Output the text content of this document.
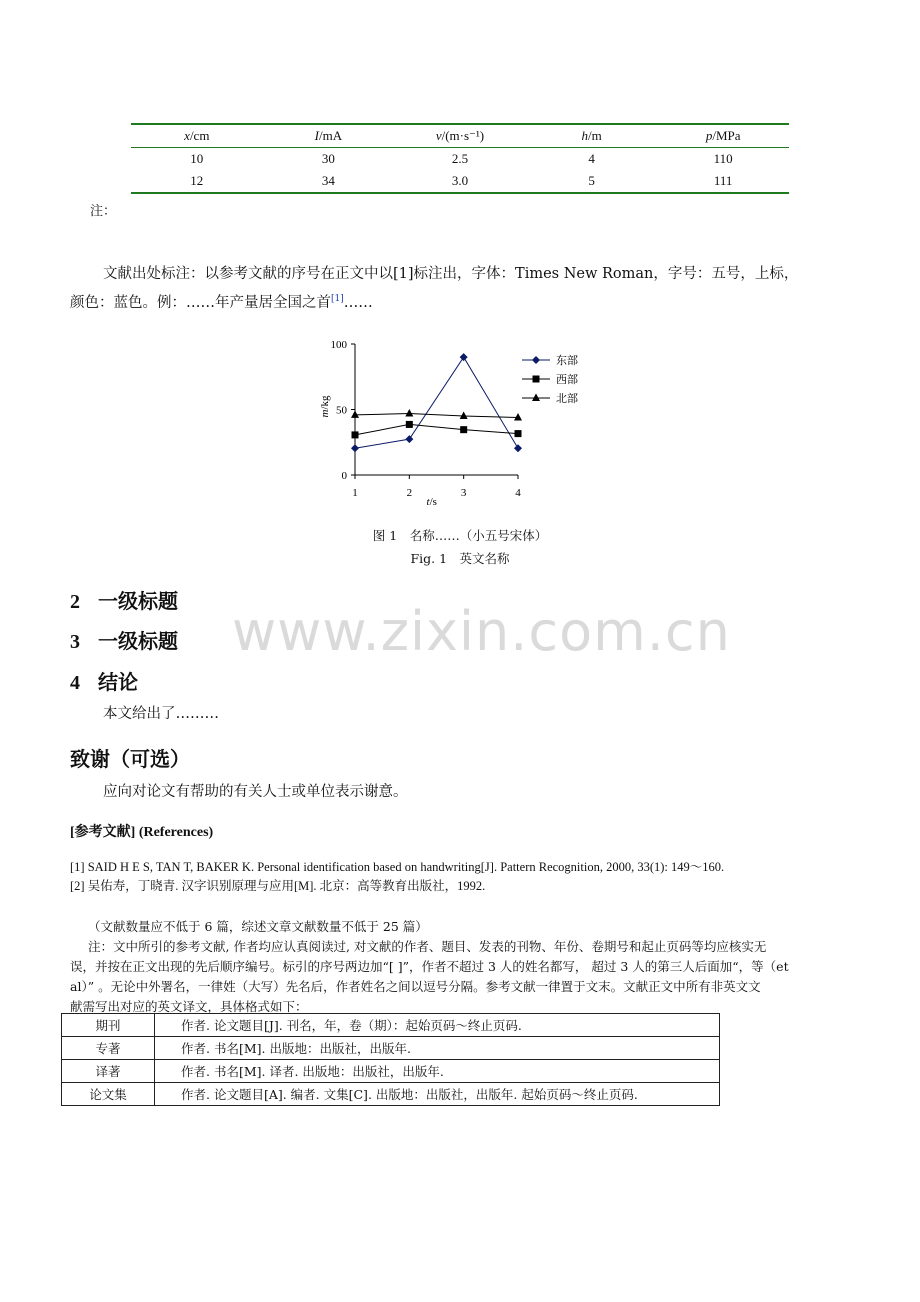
x/cm	I/mA	v/(m·s⁻¹)	h/m	p/MPa
10	30	2.5	4	110
12	34	3.0	5	111
注：
文献出处标注：以参考文献的序号在正文中以[1]标注出，字体：Times New Roman，字号：五号，上标，
颜色：蓝色。例：……年产量居全国之首[1]……
0
50
100
1	2	3	4
东部
西部
北部
m/kg
t/s
图 1　名称……（小五号宋体）
Fig. 1　英文名称
www.zixin.com.cn
2 一级标题
3 一级标题
4 结论
本文给出了………
致谢（可选）
应向对论文有帮助的有关人士或单位表示谢意。
[参考文献] (References)
[1] SAID H E S, TAN T, BAKER K. Personal identification based on handwriting[J]. Pattern Recognition, 2000, 33(1): 149～160.
[2] 吴佑寿，丁晓青. 汉字识别原理与应用[M]. 北京：高等教育出版社，1992.
（文献数量应不低于 6 篇，综述文章文献数量不低于 25 篇）
注：文中所引的参考文献, 作者均应认真阅读过, 对文献的作者、题目、发表的刊物、年份、卷期号和起止页码等均应核实无
误，并按在正文出现的先后顺序编号。标引的序号两边加“[ ]”，作者不超过 3 人的姓名都写， 超过 3 人的第三人后面加“，等（et
al）” 。无论中外署名，一律姓（大写）先名后，作者姓名之间以逗号分隔。参考文献一律置于文末。文献正文中所有非英文文
献需写出对应的英文译文，具体格式如下：
期刊	作者. 论文题目[J]. 刊名，年，卷（期）：起始页码～终止页码.
专著	作者. 书名[M]. 出版地：出版社，出版年.
译著	作者. 书名[M]. 译者. 出版地：出版社，出版年.
论文集	作者. 论文题目[A]. 编者. 文集[C]. 出版地：出版社，出版年. 起始页码～终止页码.
